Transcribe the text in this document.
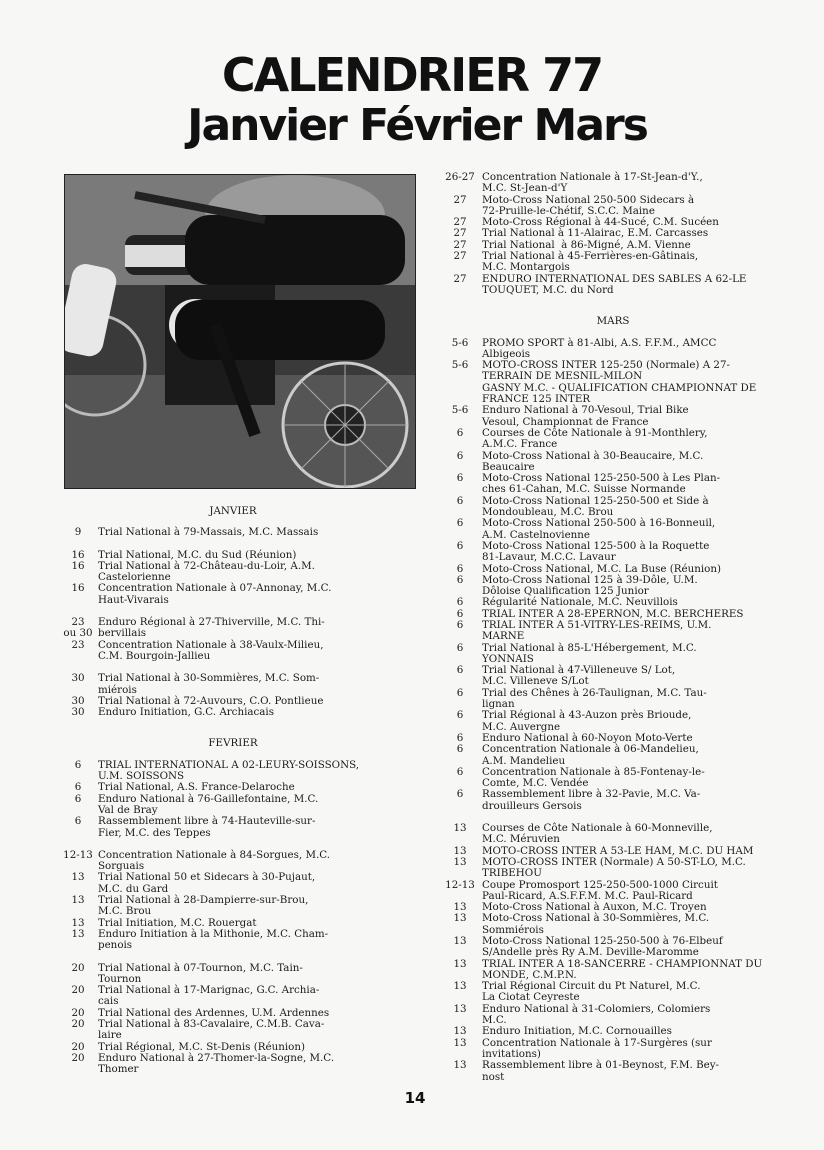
CALENDRIER 77
Janvier Février Mars
JANVIER
9	Trial National à 79-Massais, M.C. Massais
16	Trial National, M.C. du Sud (Réunion)
16	Trial National à 72-Château-du-Loir, A.M.
Castelorienne
16	Concentration Nationale à 07-Annonay, M.C.
Haut-Vivarais
23	Enduro Régional à 27-Thiverville, M.C. Thi-
ou 30 bervillais
23	Concentration Nationale à 38-Vaulx-Milieu,
C.M. Bourgoin-Jallieu
30	Trial National à 30-Sommières, M.C. Som-
miérois
30	Trial National à 72-Auvours, C.O. Pontlieue
30	Enduro Initiation, G.C. Archiacais
FEVRIER
6	TRIAL INTERNATIONAL A 02-LEURY-SOISSONS,
U.M. SOISSONS
6	Trial National, A.S. France-Delaroche
6	Enduro National à 76-Gaillefontaine, M.C.
Val de Bray
6	Rassemblement libre à 74-Hauteville-sur-
Fier, M.C. des Teppes
12-13 Concentration Nationale à 84-Sorgues, M.C.
Sorguais
13	Trial National 50 et Sidecars à 30-Pujaut,
M.C. du Gard
13	Trial National à 28-Dampierre-sur-Brou,
M.C. Brou
13	Trial Initiation, M.C. Rouergat
13	Enduro Initiation à la Mithonie, M.C. Cham-
penois
20	Trial National à 07-Tournon, M.C. Tain-
Tournon
20	Trial National à 17-Marignac, G.C. Archia-
cais
20	Trial National des Ardennes, U.M. Ardennes
20	Trial National à 83-Cavalaire, C.M.B. Cava-
laire
20	Trial Régional, M.C. St-Denis (Réunion)
20	Enduro National à 27-Thomer-la-Sogne, M.C.
Thomer
26-27 Concentration Nationale à 17-St-Jean-d'Y.,
M.C. St-Jean-d'Y
27	Moto-Cross National 250-500 Sidecars à
72-Pruille-le-Chétif, S.C.C. Maine
27	Moto-Cross Régional à 44-Sucé, C.M. Sucéen
27	Trial National à 11-Alairac, E.M. Carcasses
27	Trial National  à 86-Migné, A.M. Vienne
27	Trial National à 45-Ferrières-en-Gâtinais,
M.C. Montargois
27	ENDURO INTERNATIONAL DES SABLES A 62-LE
TOUQUET, M.C. du Nord
MARS
5-6	PROMO SPORT à 81-Albi, A.S. F.F.M., AMCC
Albigeois
5-6	MOTO-CROSS INTER 125-250 (Normale) A 27-
TERRAIN DE MESNIL-MILON
GASNY M.C. - QUALIFICATION CHAMPIONNAT DE
FRANCE 125 INTER
5-6	Enduro National à 70-Vesoul, Trial Bike
Vesoul, Championnat de France
6	Courses de Côte Nationale à 91-Monthlery,
A.M.C. France
6	Moto-Cross National à 30-Beaucaire, M.C.
Beaucaire
6	Moto-Cross National 125-250-500 à Les Plan-
ches 61-Cahan, M.C. Suisse Normande
6	Moto-Cross National 125-250-500 et Side à
Mondoubleau, M.C. Brou
6	Moto-Cross National 250-500 à 16-Bonneuil,
A.M. Castelnovienne
6	Moto-Cross National 125-500 à la Roquette
81-Lavaur, M.C.C. Lavaur
6	Moto-Cross National, M.C. La Buse (Réunion)
6	Moto-Cross National 125 à 39-Dôle, U.M.
Dôloise Qualification 125 Junior
6	Régularité Nationale, M.C. Neuvillois
6	TRIAL INTER A 28-EPERNON, M.C. BERCHERES
6	TRIAL INTER A 51-VITRY-LES-REIMS, U.M.
MARNE
6	Trial National à 85-L'Hébergement, M.C.
YONNAIS
6	Trial National à 47-Villeneuve S/ Lot,
M.C. Villeneve S/Lot
6	Trial des Chênes à 26-Taulignan, M.C. Tau-
lignan
6	Trial Régional à 43-Auzon près Brioude,
M.C. Auvergne
6	Enduro National à 60-Noyon Moto-Verte
6	Concentration Nationale à 06-Mandelieu,
A.M. Mandelieu
6	Concentration Nationale à 85-Fontenay-le-
Comte, M.C. Vendée
6	Rassemblement libre à 32-Pavie, M.C. Va-
drouilleurs Gersois
13	Courses de Côte Nationale à 60-Monneville,
M.C. Méruvien
13	MOTO-CROSS INTER A 53-LE HAM, M.C. DU HAM
13	MOTO-CROSS INTER (Normale) A 50-ST-LO, M.C.
TRIBEHOU
12-13 Coupe Promosport 125-250-500-1000 Circuit
Paul-Ricard, A.S.F.F.M. M.C. Paul-Ricard
13	Moto-Cross National à Auxon, M.C. Troyen
13	Moto-Cross National à 30-Sommières, M.C.
Sommiérois
13	Moto-Cross National 125-250-500 à 76-Elbeuf
S/Andelle près Ry A.M. Deville-Maromme
13	TRIAL INTER A 18-SANCERRE - CHAMPIONNAT DU
MONDE, C.M.P.N.
13	Trial Régional Circuit du Pt Naturel, M.C.
La Ciotat Ceyreste
13	Enduro National à 31-Colomiers, Colomiers
M.C.
13	Enduro Initiation, M.C. Cornouailles
13	Concentration Nationale à 17-Surgères (sur
invitations)
13	Rassemblement libre à 01-Beynost, F.M. Bey-
nost
14
